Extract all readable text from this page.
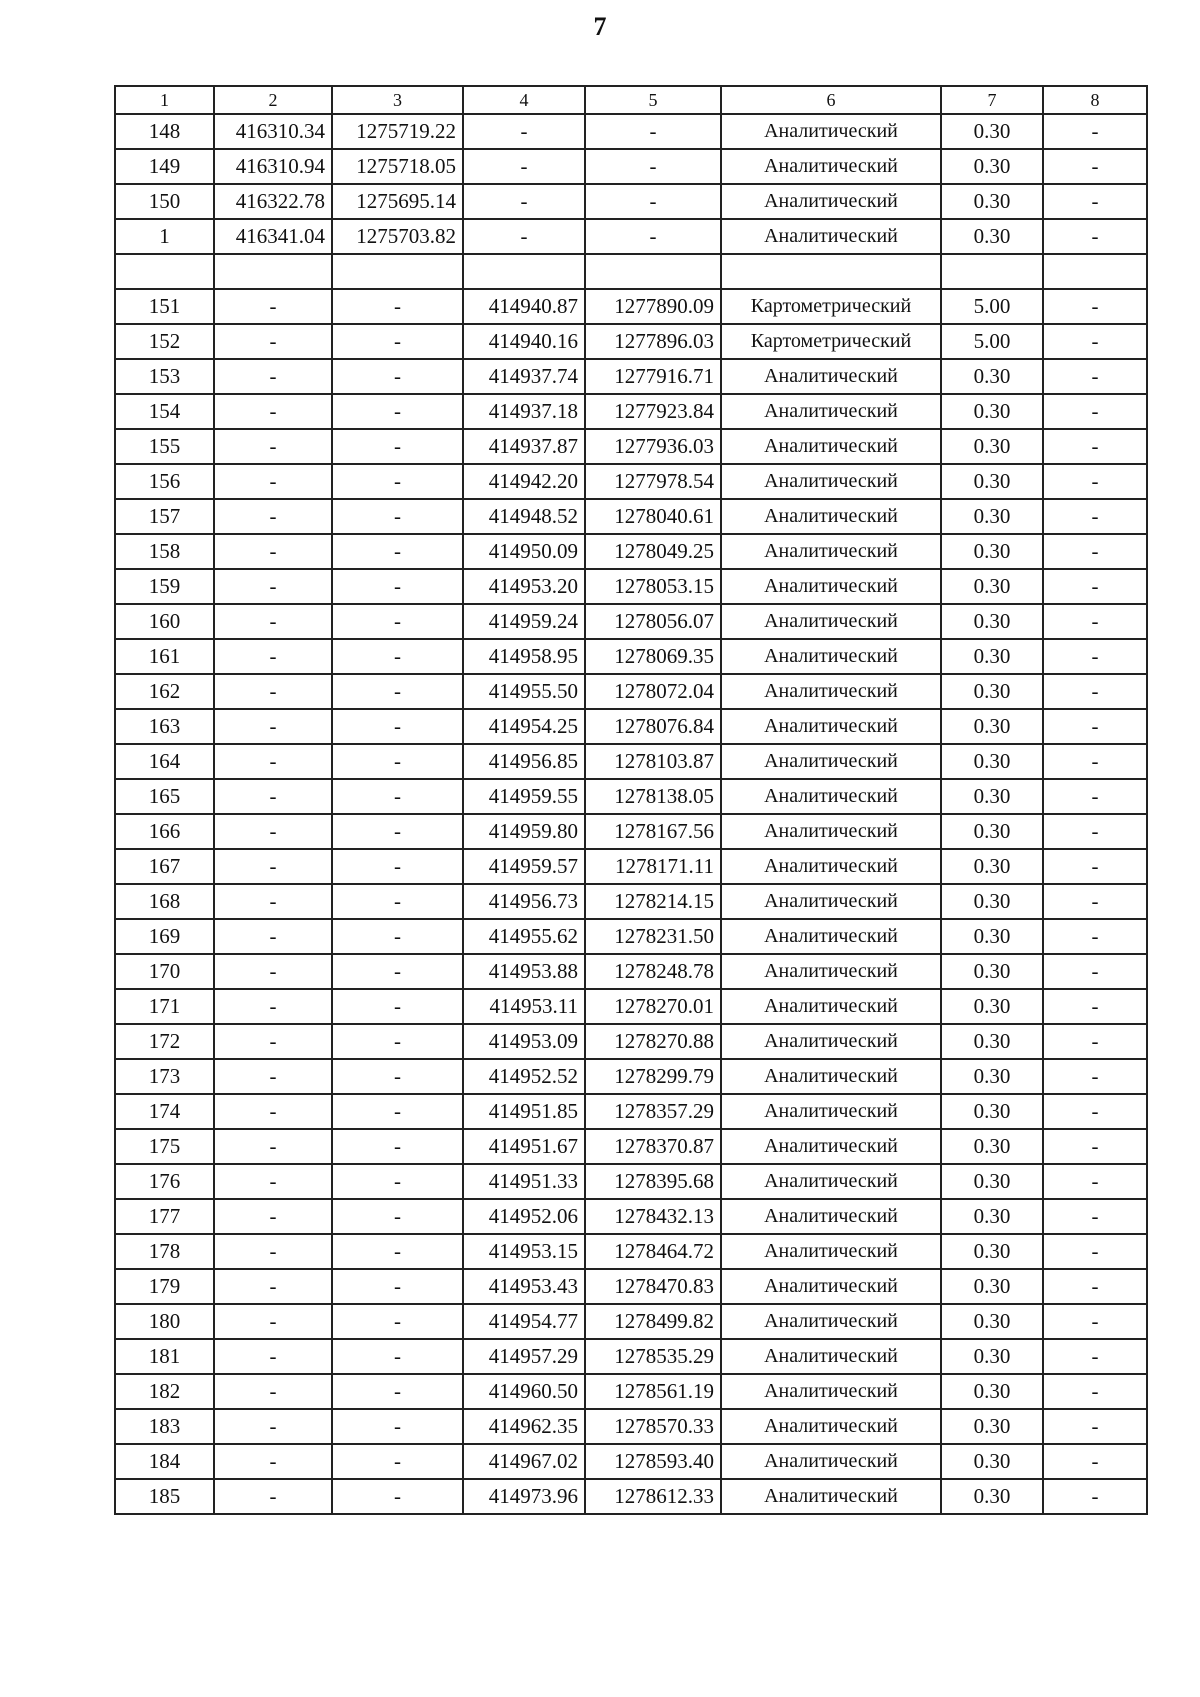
7
1	2	3	4	5	6	7	8
148	416310.34	1275719.22	-	-	Аналитический	0.30	-
149	416310.94	1275718.05	-	-	Аналитический	0.30	-
150	416322.78	1275695.14	-	-	Аналитический	0.30	-
1	416341.04	1275703.82	-	-	Аналитический	0.30	-

151	-	-	414940.87	1277890.09	Картометрический	5.00	-
152	-	-	414940.16	1277896.03	Картометрический	5.00	-
153	-	-	414937.74	1277916.71	Аналитический	0.30	-
154	-	-	414937.18	1277923.84	Аналитический	0.30	-
155	-	-	414937.87	1277936.03	Аналитический	0.30	-
156	-	-	414942.20	1277978.54	Аналитический	0.30	-
157	-	-	414948.52	1278040.61	Аналитический	0.30	-
158	-	-	414950.09	1278049.25	Аналитический	0.30	-
159	-	-	414953.20	1278053.15	Аналитический	0.30	-
160	-	-	414959.24	1278056.07	Аналитический	0.30	-
161	-	-	414958.95	1278069.35	Аналитический	0.30	-
162	-	-	414955.50	1278072.04	Аналитический	0.30	-
163	-	-	414954.25	1278076.84	Аналитический	0.30	-
164	-	-	414956.85	1278103.87	Аналитический	0.30	-
165	-	-	414959.55	1278138.05	Аналитический	0.30	-
166	-	-	414959.80	1278167.56	Аналитический	0.30	-
167	-	-	414959.57	1278171.11	Аналитический	0.30	-
168	-	-	414956.73	1278214.15	Аналитический	0.30	-
169	-	-	414955.62	1278231.50	Аналитический	0.30	-
170	-	-	414953.88	1278248.78	Аналитический	0.30	-
171	-	-	414953.11	1278270.01	Аналитический	0.30	-
172	-	-	414953.09	1278270.88	Аналитический	0.30	-
173	-	-	414952.52	1278299.79	Аналитический	0.30	-
174	-	-	414951.85	1278357.29	Аналитический	0.30	-
175	-	-	414951.67	1278370.87	Аналитический	0.30	-
176	-	-	414951.33	1278395.68	Аналитический	0.30	-
177	-	-	414952.06	1278432.13	Аналитический	0.30	-
178	-	-	414953.15	1278464.72	Аналитический	0.30	-
179	-	-	414953.43	1278470.83	Аналитический	0.30	-
180	-	-	414954.77	1278499.82	Аналитический	0.30	-
181	-	-	414957.29	1278535.29	Аналитический	0.30	-
182	-	-	414960.50	1278561.19	Аналитический	0.30	-
183	-	-	414962.35	1278570.33	Аналитический	0.30	-
184	-	-	414967.02	1278593.40	Аналитический	0.30	-
185	-	-	414973.96	1278612.33	Аналитический	0.30	-
